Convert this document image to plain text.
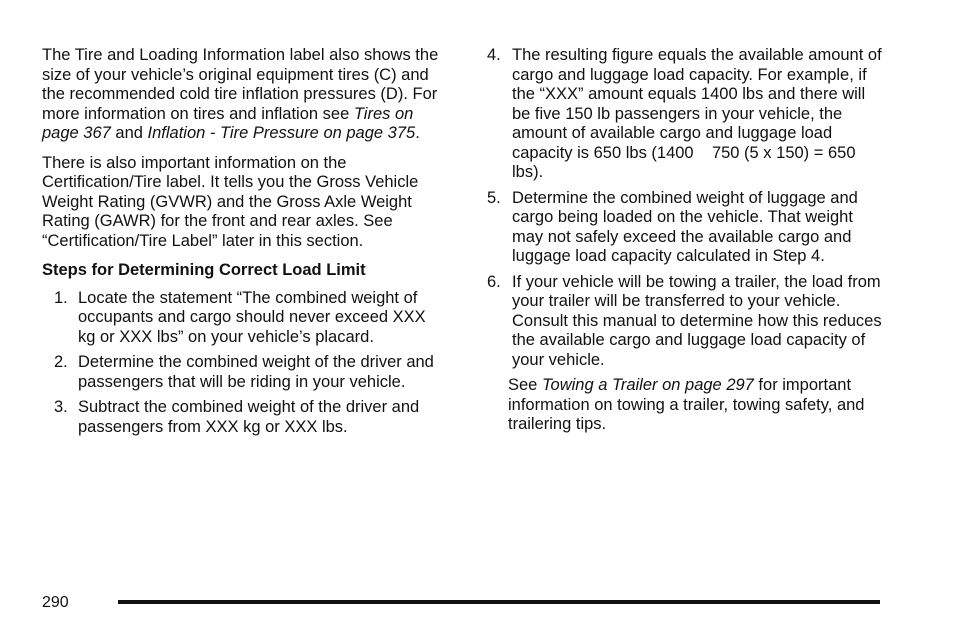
The Tire and Loading Information label also shows the size of your vehicle’s original equipment tires (C) and the recommended cold tire inflation pressures (D). For more information on tires and inflation see Tires on page 367 and Inflation - Tire Pressure on page 375.

There is also important information on the Certification/Tire label. It tells you the Gross Vehicle Weight Rating (GVWR) and the Gross Axle Weight Rating (GAWR) for the front and rear axles. See “Certification/Tire Label” later in this section.

Steps for Determining Correct Load Limit

1. Locate the statement “The combined weight of occupants and cargo should never exceed XXX kg or XXX lbs” on your vehicle’s placard.
2. Determine the combined weight of the driver and passengers that will be riding in your vehicle.
3. Subtract the combined weight of the driver and passengers from XXX kg or XXX lbs.
4. The resulting figure equals the available amount of cargo and luggage load capacity. For example, if the “XXX” amount equals 1400 lbs and there will be five 150 lb passengers in your vehicle, the amount of available cargo and luggage load capacity is 650 lbs (1400    750 (5 x 150) = 650 lbs).
5. Determine the combined weight of luggage and cargo being loaded on the vehicle. That weight may not safely exceed the available cargo and luggage load capacity calculated in Step 4.
6. If your vehicle will be towing a trailer, the load from your trailer will be transferred to your vehicle. Consult this manual to determine how this reduces the available cargo and luggage load capacity of your vehicle.

See Towing a Trailer on page 297 for important information on towing a trailer, towing safety, and trailering tips.

290
